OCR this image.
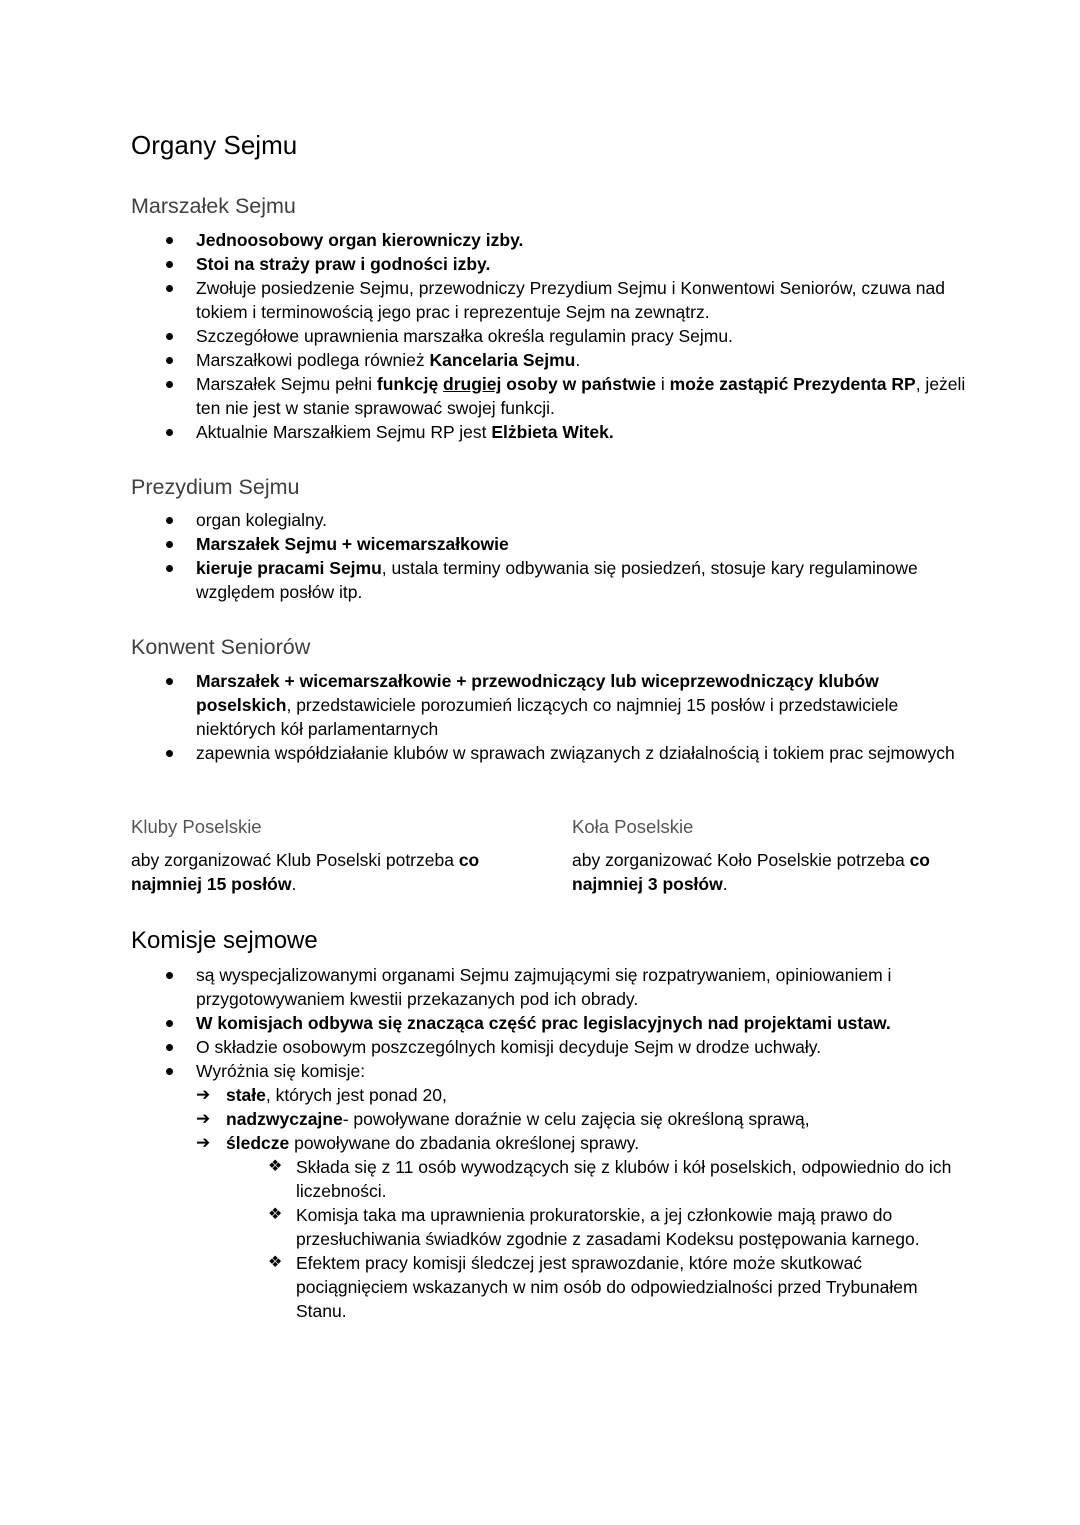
Organy Sejmu
Marszałek Sejmu
Jednoosobowy organ kierowniczy izby.
Stoi na straży praw i godności izby.
Zwołuje posiedzenie Sejmu, przewodniczy Prezydium Sejmu i Konwentowi Seniorów, czuwa nad tokiem i terminowością jego prac i reprezentuje Sejm na zewnątrz.
Szczegółowe uprawnienia marszałka określa regulamin pracy Sejmu.
Marszałkowi podlega również Kancelaria Sejmu.
Marszałek Sejmu pełni funkcję drugiej osoby w państwie i może zastąpić Prezydenta RP, jeżeli ten nie jest w stanie sprawować swojej funkcji.
Aktualnie Marszałkiem Sejmu RP jest Elżbieta Witek.
Prezydium Sejmu
organ kolegialny.
Marszałek Sejmu + wicemarszałkowie
kieruje pracami Sejmu, ustala terminy odbywania się posiedzeń, stosuje kary regulaminowe względem posłów itp.
Konwent Seniorów
Marszałek + wicemarszałkowie + przewodniczący lub wiceprzewodniczący klubów poselskich, przedstawiciele porozumień liczących co najmniej 15 posłów i przedstawiciele niektórych kół parlamentarnych
zapewnia współdziałanie klubów w sprawach związanych z działalnością i tokiem prac sejmowych
Kluby Poselskie

aby zorganizować Klub Poselski potrzeba co najmniej 15 posłów.

Koła Poselskie

aby zorganizować Koło Poselskie potrzeba co najmniej 3 posłów.

Komisje sejmowe
są wyspecjalizowanymi organami Sejmu zajmującymi się rozpatrywaniem, opiniowaniem i przygotowywaniem kwestii przekazanych pod ich obrady.
W komisjach odbywa się znacząca część prac legislacyjnych nad projektami ustaw.
O składzie osobowym poszczególnych komisji decyduje Sejm w drodze uchwały.
Wyróżnia się komisje:
➔ stałe, których jest ponad 20,
➔ nadzwyczajne- powoływane doraźnie w celu zajęcia się określoną sprawą,
➔ śledcze powoływane do zbadania określonej sprawy.
❖ Składa się z 11 osób wywodzących się z klubów i kół poselskich, odpowiednio do ich liczebności.
❖ Komisja taka ma uprawnienia prokuratorskie, a jej członkowie mają prawo do przesłuchiwania świadków zgodnie z zasadami Kodeksu postępowania karnego.
❖ Efektem pracy komisji śledczej jest sprawozdanie, które może skutkować pociągnięciem wskazanych w nim osób do odpowiedzialności przed Trybunałem Stanu.
